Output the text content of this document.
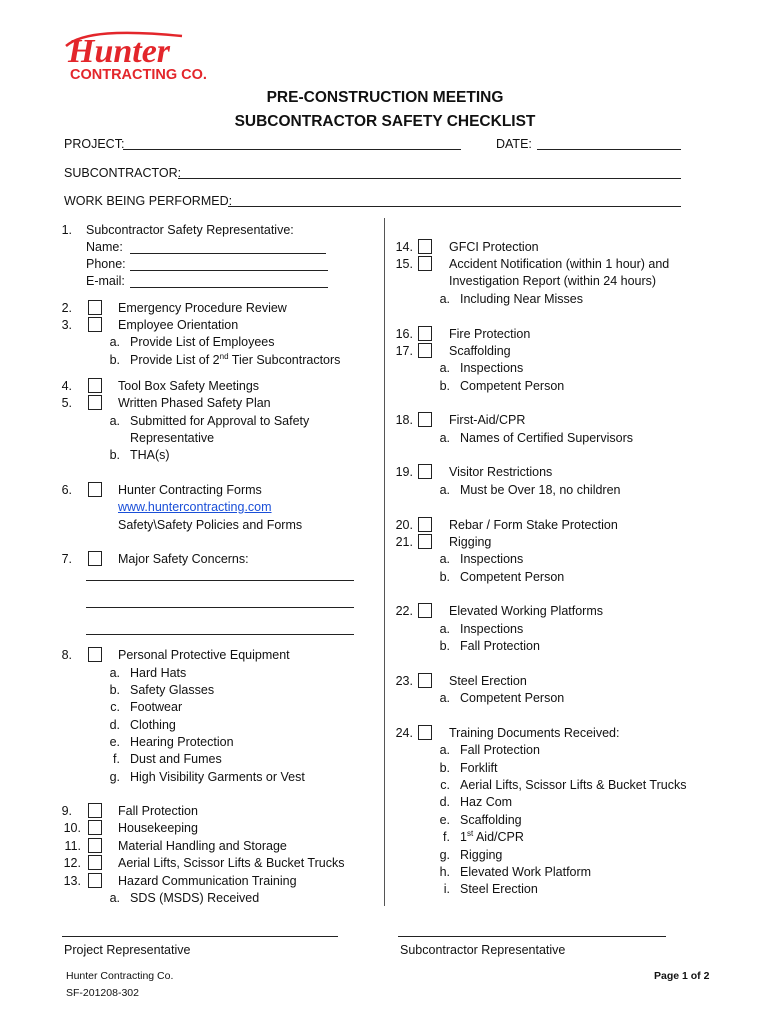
Hunter
CONTRACTING CO.
PRE-CONSTRUCTION MEETING
SUBCONTRACTOR SAFETY CHECKLIST
PROJECT:	DATE:
SUBCONTRACTOR:
WORK BEING PERFORMED:
1. Subcontractor Safety Representative:
Name:
Phone:
E-mail:
2.	Emergency Procedure Review
3.	Employee Orientation
a. Provide List of Employees
b. Provide List of 2nd Tier Subcontractors
4.	Tool Box Safety Meetings
5.	Written Phased Safety Plan
a. Submitted for Approval to Safety
Representative
b. THA(s)
6.	Hunter Contracting Forms
www.huntercontracting.com
Safety\Safety Policies and Forms
7.	Major Safety Concerns:
8.	Personal Protective Equipment
a. Hard Hats
b. Safety Glasses
c. Footwear
d. Clothing
e. Hearing Protection
f. Dust and Fumes
g. High Visibility Garments or Vest
9.	Fall Protection
10.	Housekeeping
11.	Material Handling and Storage
12.	Aerial Lifts, Scissor Lifts & Bucket Trucks
13.	Hazard Communication Training
a. SDS (MSDS) Received
14.	GFCI Protection
15.	Accident Notification (within 1 hour) and
Investigation Report (within 24 hours)
a. Including Near Misses
16.	Fire Protection
17.	Scaffolding
a. Inspections
b. Competent Person
18.	First-Aid/CPR
a. Names of Certified Supervisors
19.	Visitor Restrictions
a. Must be Over 18, no children
20.	Rebar / Form Stake Protection
21.	Rigging
a. Inspections
b. Competent Person
22.	Elevated Working Platforms
a. Inspections
b. Fall Protection
23.	Steel Erection
a. Competent Person
24.	Training Documents Received:
a. Fall Protection
b. Forklift
c. Aerial Lifts, Scissor Lifts & Bucket Trucks
d. Haz Com
e. Scaffolding
f. 1st Aid/CPR
g. Rigging
h. Elevated Work Platform
i. Steel Erection
Project Representative	Subcontractor Representative
Hunter Contracting Co.
SF-201208-302
Page 1 of 2
